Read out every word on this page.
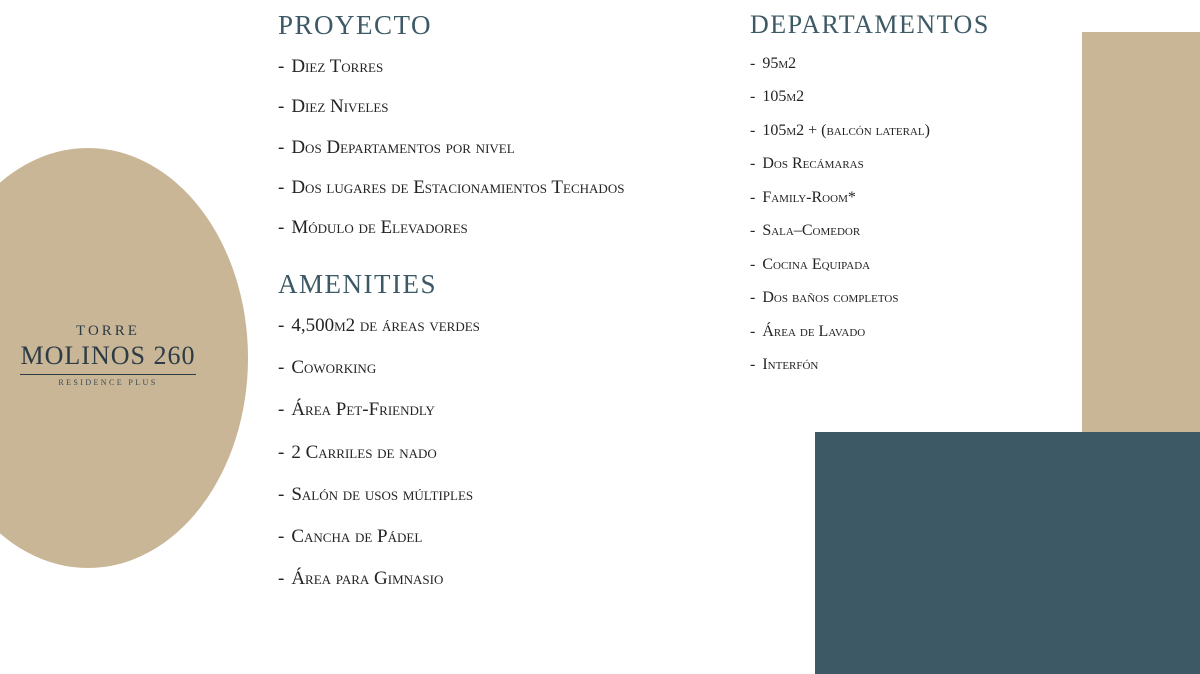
TORRE
MOLINOS 260
RESIDENCE PLUS
PROYECTO
- Diez Torres
- Diez Niveles
- Dos Departamentos por nivel
- Dos lugares de Estacionamientos Techados
- Módulo de Elevadores
AMENITIES
- 4,500m2 de áreas verdes
- Coworking
- Área Pet-Friendly
- 2 Carriles de nado
- Salón de usos múltiples
- Cancha de Pádel
- Área para Gimnasio
DEPARTAMENTOS
- 95m2
- 105m2
- 105m2 + (balcón lateral)
- Dos Recámaras
- Family-Room*
- Sala–Comedor
- Cocina Equipada
- Dos baños completos
- Área de Lavado
- Interfón
